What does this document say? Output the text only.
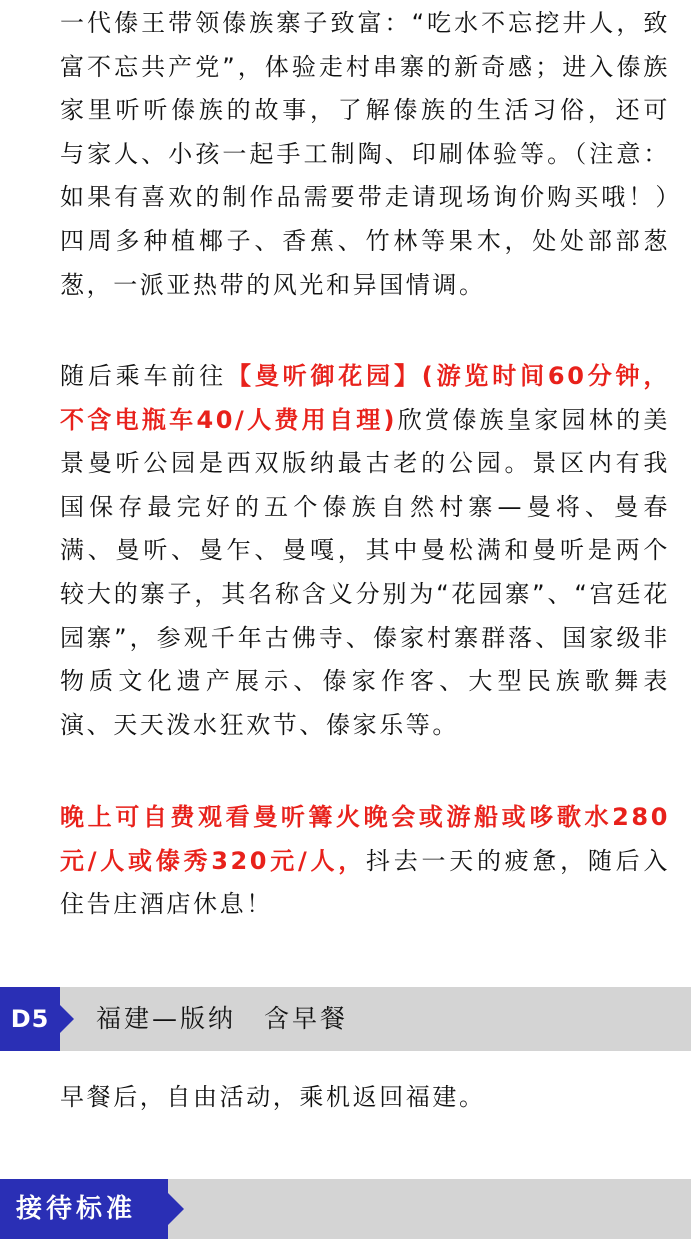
一代傣王带领傣族寨子致富：“吃水不忘挖井人，致富不忘共产党”，体验走村串寨的新奇感；进入傣族家里听听傣族的故事，了解傣族的生活习俗，还可与家人、小孩一起手工制陶、印刷体验等。（注意：如果有喜欢的制作品需要带走请现场询价购买哦！）四周多种植椰子、香蕉、竹林等果木，处处部部葱葱，一派亚热带的风光和异国情调。

随后乘车前往【曼听御花园】(游览时间60分钟，不含电瓶车40/人费用自理)欣赏傣族皇家园林的美景曼听公园是西双版纳最古老的公园。景区内有我国保存最完好的五个傣族自然村寨—曼将、曼春满、曼听、曼乍、曼嘎，其中曼松满和曼听是两个较大的寨子，其名称含义分别为“花园寨”、“宫廷花园寨”，参观千年古佛寺、傣家村寨群落、国家级非物质文化遗产展示、傣家作客、大型民族歌舞表演、天天泼水狂欢节、傣家乐等。

晚上可自费观看曼听篝火晚会或游船或哆歌水280元/人或傣秀320元/人，抖去一天的疲惫，随后入住告庄酒店休息！

D5	福建—版纳　含早餐

早餐后，自由活动，乘机返回福建。

接待标准
